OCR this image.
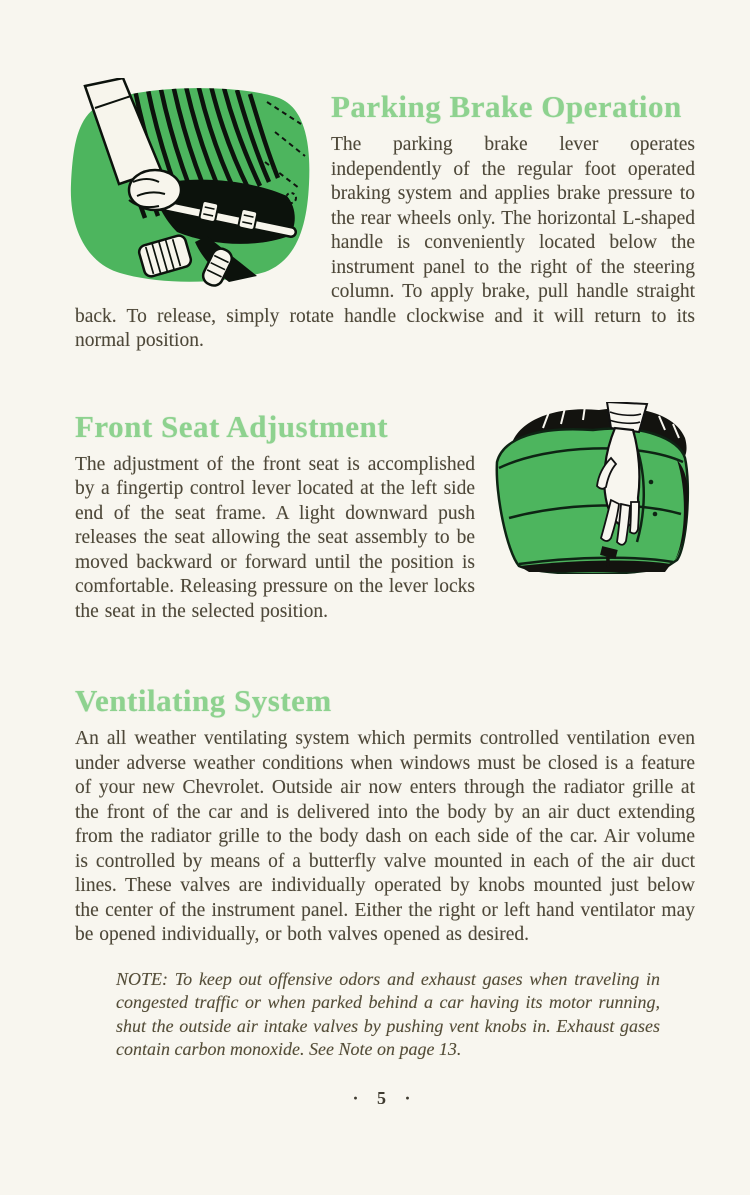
Parking Brake Operation

The parking brake lever operates independently of the regular foot operated braking system and applies brake pressure to the rear wheels only. The horizontal L-shaped handle is conveniently located below the instrument panel to the right of the steering column. To apply brake, pull handle straight back. To release, simply rotate handle clockwise and it will return to its normal position.

Front Seat Adjustment

The adjustment of the front seat is accomplished by a fingertip control lever located at the left side end of the seat frame. A light downward push releases the seat allowing the seat assembly to be moved backward or forward until the position is comfortable. Releasing pressure on the lever locks the seat in the selected position.

Ventilating System

An all weather ventilating system which permits controlled ventilation even under adverse weather conditions when windows must be closed is a feature of your new Chevrolet. Outside air now enters through the radiator grille at the front of the car and is delivered into the body by an air duct extending from the radiator grille to the body dash on each side of the car. Air volume is controlled by means of a butterfly valve mounted in each of the air duct lines. These valves are individually operated by knobs mounted just below the center of the instrument panel. Either the right or left hand ventilator may be opened individually, or both valves opened as desired.

NOTE: To keep out offensive odors and exhaust gases when traveling in congested traffic or when parked behind a car having its motor running, shut the outside air intake valves by pushing vent knobs in. Exhaust gases contain carbon monoxide. See Note on page 13.
· 5 ·
